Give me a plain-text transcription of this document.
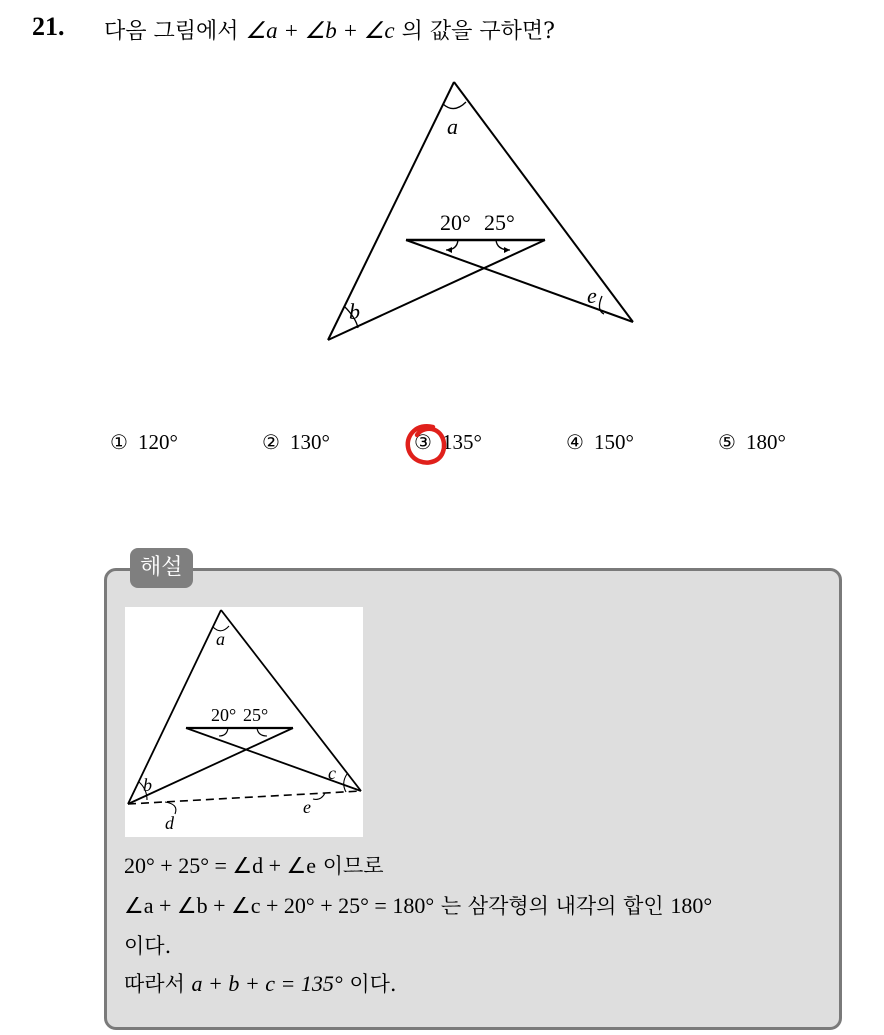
21. 다음 그림에서 ∠a + ∠b + ∠c 의 값을 구하면?
a
b
e
20° 25°
① 120°	② 130°	③ 135°	④ 150°	⑤ 180°
해설
a
b
c
d
e
20° 25°
20° + 25° = ∠d + ∠e 이므로
∠a + ∠b + ∠c + 20° + 25° = 180° 는 삼각형의 내각의 합인 180°
이다.
따라서 a + b + c = 135° 이다.
